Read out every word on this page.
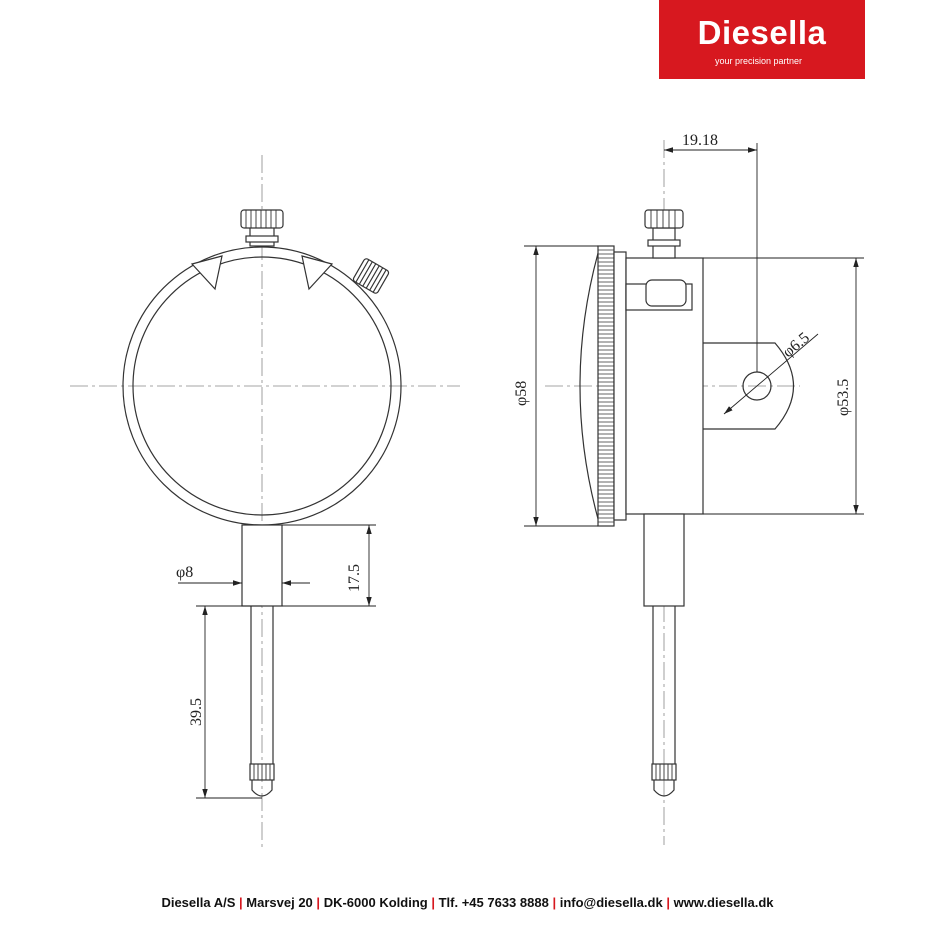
Diesella
your precision partner
φ8	17.5
39.5
φ58	φ53.5
19.18
φ6.5
Diesella A/S | Marsvej 20 | DK-6000 Kolding | Tlf. +45 7633 8888 | info@diesella.dk | www.diesella.dk
